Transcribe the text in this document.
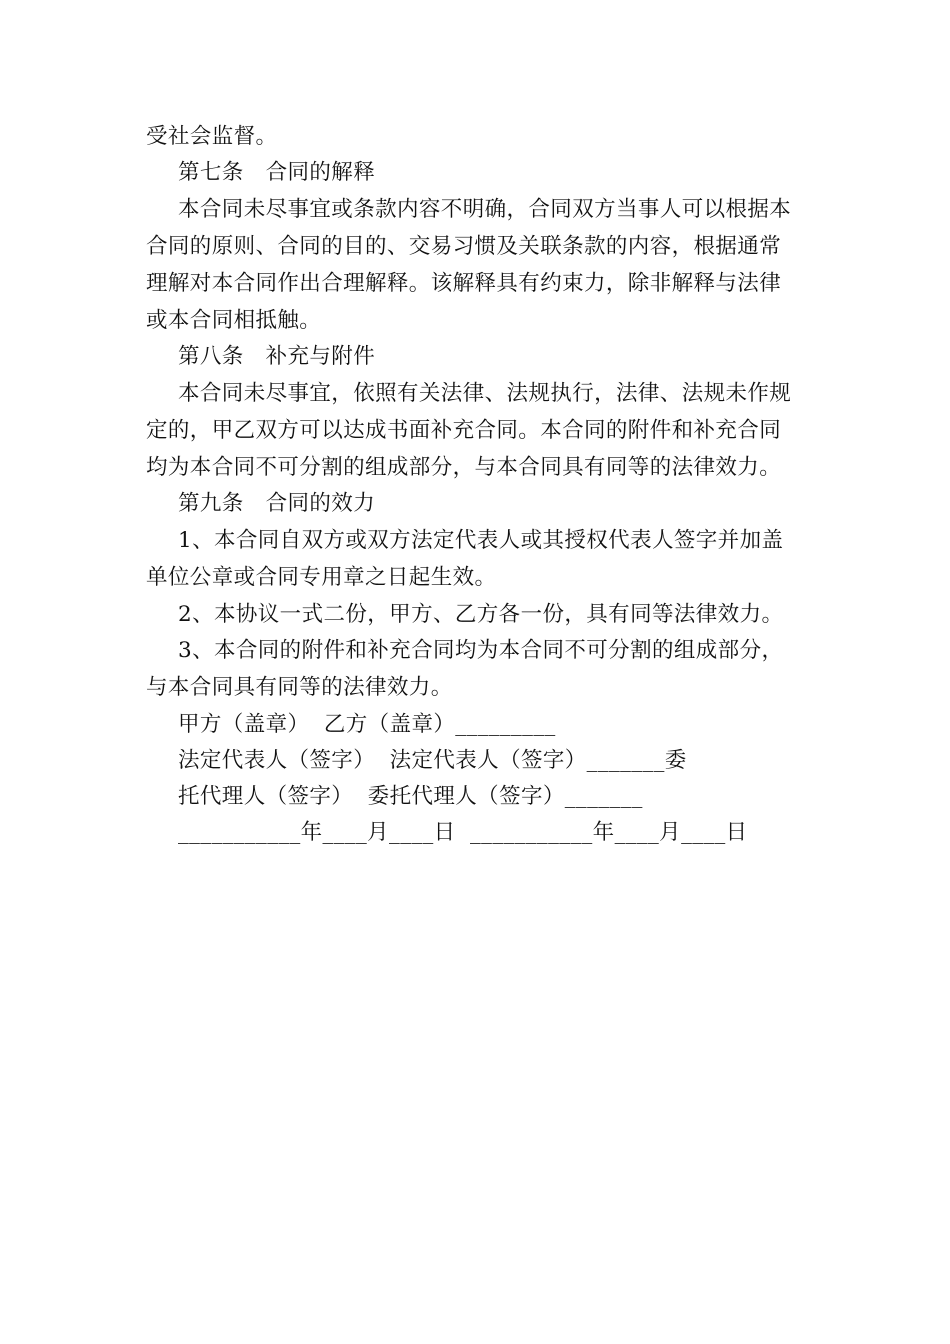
受社会监督。
第七条　合同的解释
本合同未尽事宜或条款内容不明确，合同双方当事人可以根据本
合同的原则、合同的目的、交易习惯及关联条款的内容，根据通常
理解对本合同作出合理解释。该解释具有约束力，除非解释与法律
或本合同相抵触。
第八条　补充与附件
本合同未尽事宜，依照有关法律、法规执行，法律、法规未作规
定的，甲乙双方可以达成书面补充合同。本合同的附件和补充合同
均为本合同不可分割的组成部分，与本合同具有同等的法律效力。
第九条　合同的效力
1、本合同自双方或双方法定代表人或其授权代表人签字并加盖
单位公章或合同专用章之日起生效。
2、本协议一式二份，甲方、乙方各一份，具有同等法律效力。
3、本合同的附件和补充合同均为本合同不可分割的组成部分，
与本合同具有同等的法律效力。
甲方（盖章）  乙方（盖章）_________
法定代表人（签字）  法定代表人（签字）_______委
托代理人（签字）  委托代理人（签字）_______
___________年____月____日  ___________年____月____日
